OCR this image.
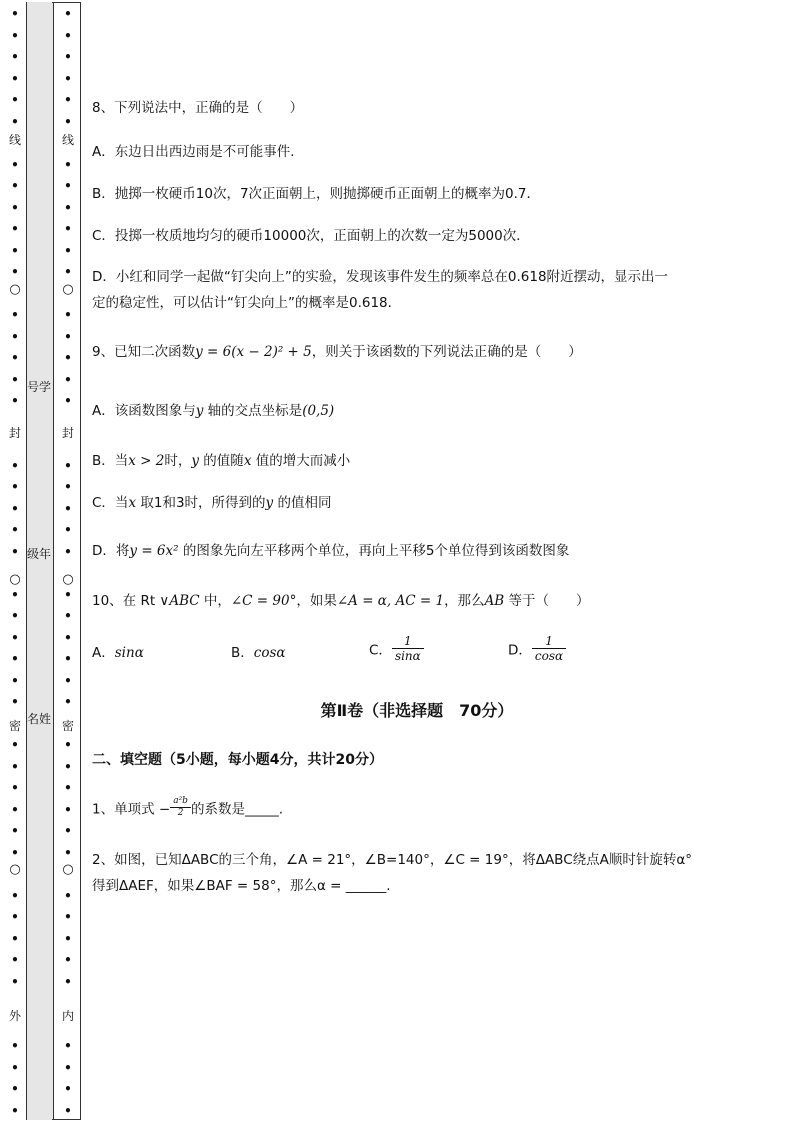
•
•
•
•
•
•
•
•
•
•
•
•
•
•
•
•
•
•
•
•
•
•
•
•
•
•
•
•
•
•
•
•
•
•
•
•
•
•
•
•
•
•
•
线
○
封
○
密
○
外
•
•
•
•
•
•
•
•
•
•
•
•
•
•
•
•
•
•
•
•
•
•
•
•
•
•
•
•
•
•
•
•
•
•
•
•
•
•
•
•
•
•
•
线
○
封
○
密
○
内
号学
级年
名姓
8、下列说法中，正确的是（　　）
A．东边日出西边雨是不可能事件．
B．抛掷一枚硬币10次，7次正面朝上，则抛掷硬币正面朝上的概率为0.7．
C．投掷一枚质地均匀的硬币10000次，正面朝上的次数一定为5000次．
D．小红和同学一起做“钉尖向上”的实验，发现该事件发生的频率总在0.618附近摆动，显示出一
定的稳定性，可以估计“钉尖向上”的概率是0.618．
9、已知二次函数y = 6(x − 2)² + 5，则关于该函数的下列说法正确的是（　　）
A．该函数图象与y 轴的交点坐标是(0,5)
B．当x > 2时，y 的值随x 值的增大而减小
C．当x 取1和3时，所得到的y 的值相同
D．将y = 6x² 的图象先向左平移两个单位，再向上平移5个单位得到该函数图象
10、在 Rt ∨ABC 中，∠C = 90°，如果∠A = α, AC = 1，那么AB 等于（　　）
A．sinα	B．cosα	C． $\frac{1}{\sin\alpha}$	D． $\frac{1}{\cos\alpha}$
第Ⅱ卷（非选择题　70分）
二、填空题（5小题，每小题4分，共计20分）
1、单项式 − $\frac{\text{a²b}}{2}$ 的系数是_____.
2、如图，已知ΔABC的三个角，∠A = 21°，∠B=140°，∠C = 19°，将ΔABC绕点A顺时针旋转α°
得到ΔAEF，如果∠BAF = 58°，那么α = ______.
